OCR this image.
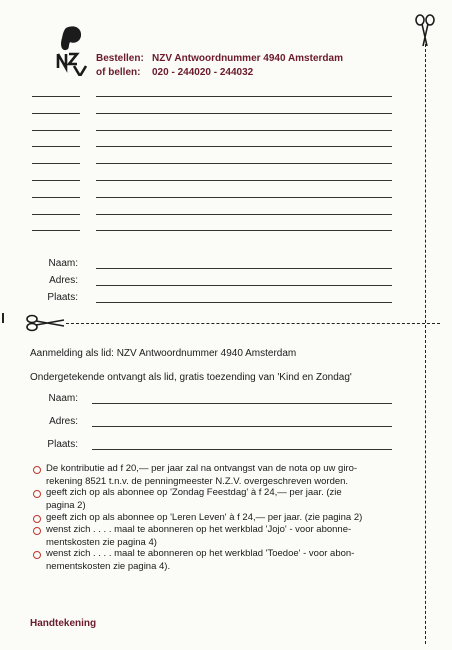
Bestellen: NZV Antwoordnummer 4940 Amsterdam
of bellen: 020 - 244020 - 244032
Naam:
Adres:
Plaats:
Aanmelding als lid: NZV Antwoordnummer 4940 Amsterdam
Ondergetekende ontvangt als lid, gratis toezending van 'Kind en Zondag'
Naam:
Adres:
Plaats:
De kontributie ad f 20,— per jaar zal na ontvangst van de nota op uw giro-
rekening 8521 t.n.v. de penningmeester N.Z.V. overgeschreven worden.
geeft zich op als abonnee op 'Zondag Feestdag' à f 24,— per jaar. (zie
pagina 2)
geeft zich op als abonnee op 'Leren Leven' à f 24,— per jaar. (zie pagina 2)
wenst zich . . . . maal te abonneren op het werkblad 'Jojo' - voor abonne-
mentskosten zie pagina 4)
wenst zich . . . . maal te abonneren op het werkblad 'Toedoe' - voor abon-
nementskosten zie pagina 4).
Handtekening
